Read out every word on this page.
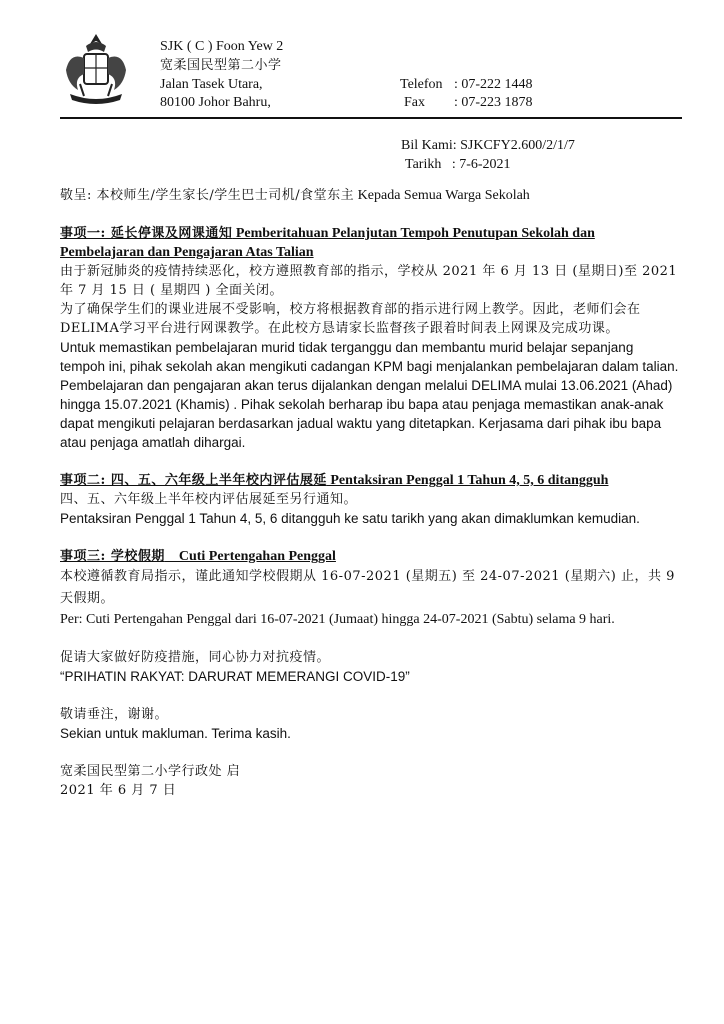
SJK ( C ) Foon Yew 2
宽柔国民型第二小学
Jalan Tasek Utara,
80100 Johor Bahru,
Telefon : 07-222 1448
Fax : 07-223 1878
Bil Kami: SJKCFY2.600/2/1/7
Tarikh : 7-6-2021

敬呈: 本校师生/学生家长/学生巴士司机/食堂东主 Kepada Semua Warga Sekolah

事项一: 延长停课及网课通知 Pemberitahuan Pelanjutan Tempoh Penutupan Sekolah dan Pembelajaran dan Pengajaran Atas Talian

由于新冠肺炎的疫情持续恶化，校方遵照教育部的指示，学校从 2021 年 6 月 13 日 (星期日)至 2021 年 7 月 15 日 ( 星期四 ) 全面关闭。

为了确保学生们的课业进展不受影响，校方将根据教育部的指示进行网上教学。因此，老师们会在DELIMA学习平台进行网课教学。在此校方恳请家长监督孩子跟着时间表上网课及完成功课。

Untuk memastikan pembelajaran murid tidak terganggu dan membantu murid belajar sepanjang tempoh ini, pihak sekolah akan mengikuti cadangan KPM bagi menjalankan pembelajaran dalam talian.

Pembelajaran dan pengajaran akan terus dijalankan dengan melalui DELIMA mulai 13.06.2021 (Ahad) hingga 15.07.2021 (Khamis) . Pihak sekolah berharap ibu bapa atau penjaga memastikan anak-anak dapat mengikuti pelajaran berdasarkan jadual waktu yang ditetapkan. Kerjasama dari pihak ibu bapa atau penjaga amatlah dihargai.

事项二: 四、五、六年级上半年校内评估展延 Pentaksiran Penggal 1 Tahun 4, 5, 6 ditangguh

四、五、六年级上半年校内评估展延至另行通知。

Pentaksiran Penggal 1 Tahun 4, 5, 6 ditangguh ke satu tarikh yang akan dimaklumkan kemudian.

事项三: 学校假期    Cuti Pertengahan Penggal

本校遵循教育局指示，谨此通知学校假期从 16-07-2021 (星期五) 至 24-07-2021 (星期六) 止，共 9 天假期。

Per: Cuti Pertengahan Penggal dari 16-07-2021 (Jumaat) hingga 24-07-2021 (Sabtu) selama 9 hari.

促请大家做好防疫措施，同心协力对抗疫情。

“PRIHATIN RAKYAT: DARURAT MEMERANGI COVID-19”

敬请垂注，谢谢。

Sekian untuk makluman. Terima kasih.

宽柔国民型第二小学行政处 启

2021 年 6 月 7 日
